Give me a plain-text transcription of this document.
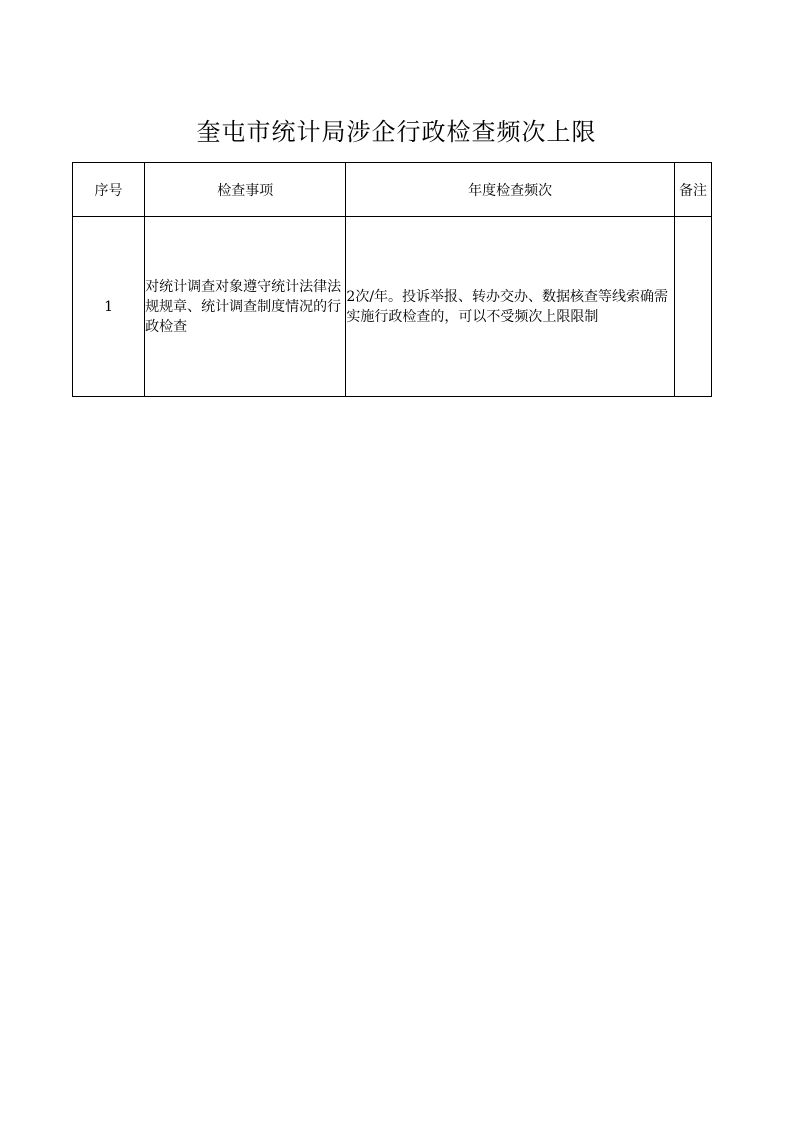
奎屯市统计局涉企行政检查频次上限
序号	检查事项	年度检查频次	备注
1	对统计调查对象遵守统计法律法规规章、统计调查制度情况的行政检查	2次/年。投诉举报、转办交办、数据核查等线索确需实施行政检查的，可以不受频次上限限制	
